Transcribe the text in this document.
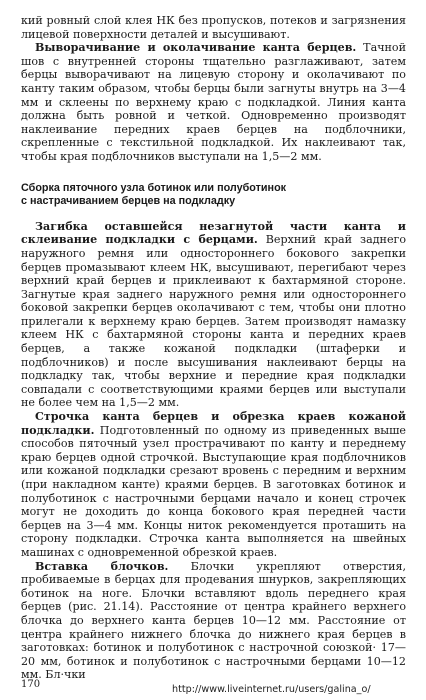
кий ровный слой клея НК без пропусков, потеков и загрязнения лицевой поверхности деталей и высушивают.

Выворачивание и околачивание канта берцев. Тачной шов с внутренней стороны тщательно разглаживают, затем берцы выворачивают на лицевую сторону и околачивают по канту таким образом, чтобы берцы были загнуты внутрь на 3—4 мм и склеены по верхнему краю с подкладкой. Линия канта должна быть ровной и четкой. Одновременно производят наклеивание передних краев берцев на подблочники, скрепленные с текстильной подкладкой. Их наклеивают так, чтобы края подблочников выступали на 1,5—2 мм.

Сборка пяточного узла ботинок или полуботинок
с настрачиванием берцев на подкладку

Загибка оставшейся незагнутой части канта и склеивание подкладки с берцами. Верхний край заднего наружного ремня или одностороннего бокового закрепки берцев промазывают клеем НК, высушивают, перегибают через верхний край берцев и приклеивают к бахтармяной стороне. Загнутые края заднего наружного ремня или одностороннего боковой закрепки берцев околачивают с тем, чтобы они плотно прилегали к верхнему краю берцев. Затем производят намазку клеем НК с бахтармяной стороны канта и передних краев берцев, а также кожаной подкладки (штаферки и подблочников) и после высушивания наклеивают берцы на подкладку так, чтобы верхние и передние края подкладки совпадали с соответствующими краями берцев или выступали не более чем на 1,5—2 мм.

Строчка канта берцев и обрезка краев кожаной подкладки. Подготовленный по одному из приведенных выше способов пяточный узел прострачивают по канту и переднему краю берцев одной строчкой. Выступающие края подблочников или кожаной подкладки срезают вровень с передним и верхним (при накладном канте) краями берцев. В заготовках ботинок и полуботинок с настрочными берцами начало и конец строчек могут не доходить до конца бокового края передней части берцев на 3—4 мм. Концы ниток рекомендуется проташить на сторону подкладки. Строчка канта выполняется на швейных машинах с одновременной обрезкой краев.

Вставка блочков. Блочки укрепляют отверстия, пробиваемые в берцах для продевания шнурков, закрепляющих ботинок на ноге. Блочки вставляют вдоль переднего края берцев (рис. 21.14). Расстояние от центра крайнего верхнего блочка до верхнего канта берцев 10—12 мм. Расстояние от центра крайнего нижнего блочка до нижнего края берцев в заготовках: ботинок и полуботинок с настрочной союзкой· 17—20 мм, ботинок и полуботинок с настрочными берцами 10—12 мм. Бл·чки

170	http://www.liveinternet.ru/users/galina_o/
